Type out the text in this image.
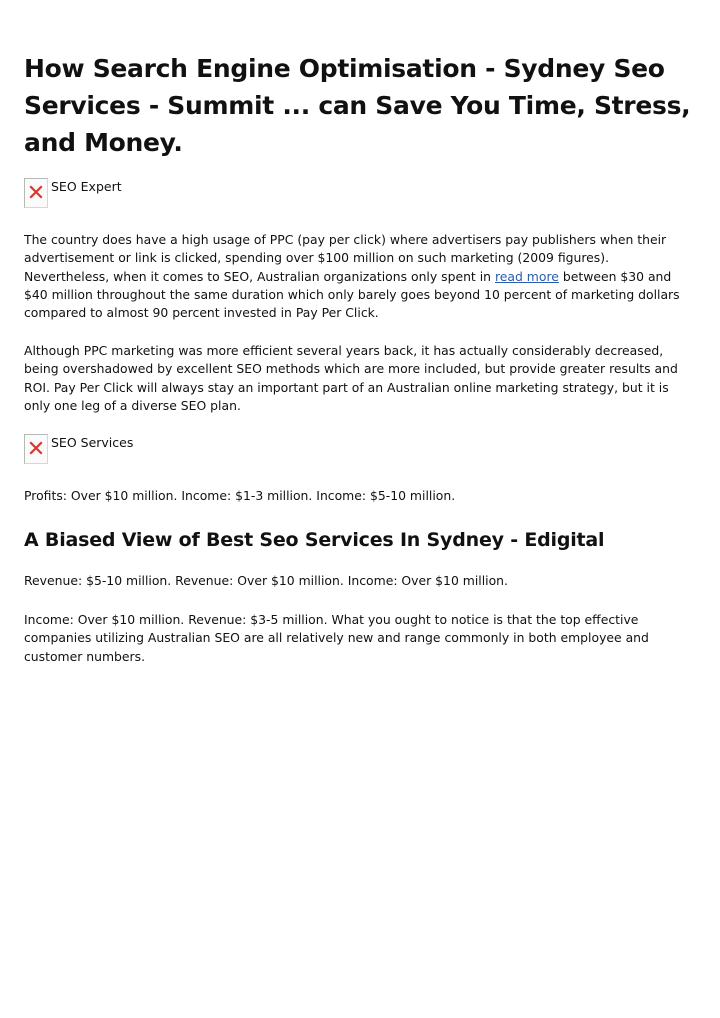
How Search Engine Optimisation - Sydney Seo Services - Summit ... can Save You Time, Stress, and Money.
SEO Expert

The country does have a high usage of PPC (pay per click) where advertisers pay publishers when their advertisement or link is clicked, spending over $100 million on such marketing (2009 figures). Nevertheless, when it comes to SEO, Australian organizations only spent in read more between $30 and $40 million throughout the same duration which only barely goes beyond 10 percent of marketing dollars compared to almost 90 percent invested in Pay Per Click.

Although PPC marketing was more efficient several years back, it has actually considerably decreased, being overshadowed by excellent SEO methods which are more included, but provide greater results and ROI. Pay Per Click will always stay an important part of an Australian online marketing strategy, but it is only one leg of a diverse SEO plan.

SEO Services

Profits: Over $10 million. Income: $1-3 million. Income: $5-10 million.

A Biased View of Best Seo Services In Sydney - Edigital

Revenue: $5-10 million. Revenue: Over $10 million. Income: Over $10 million.

Income: Over $10 million. Revenue: $3-5 million. What you ought to notice is that the top effective companies utilizing Australian SEO are all relatively new and range commonly in both employee and customer numbers.
